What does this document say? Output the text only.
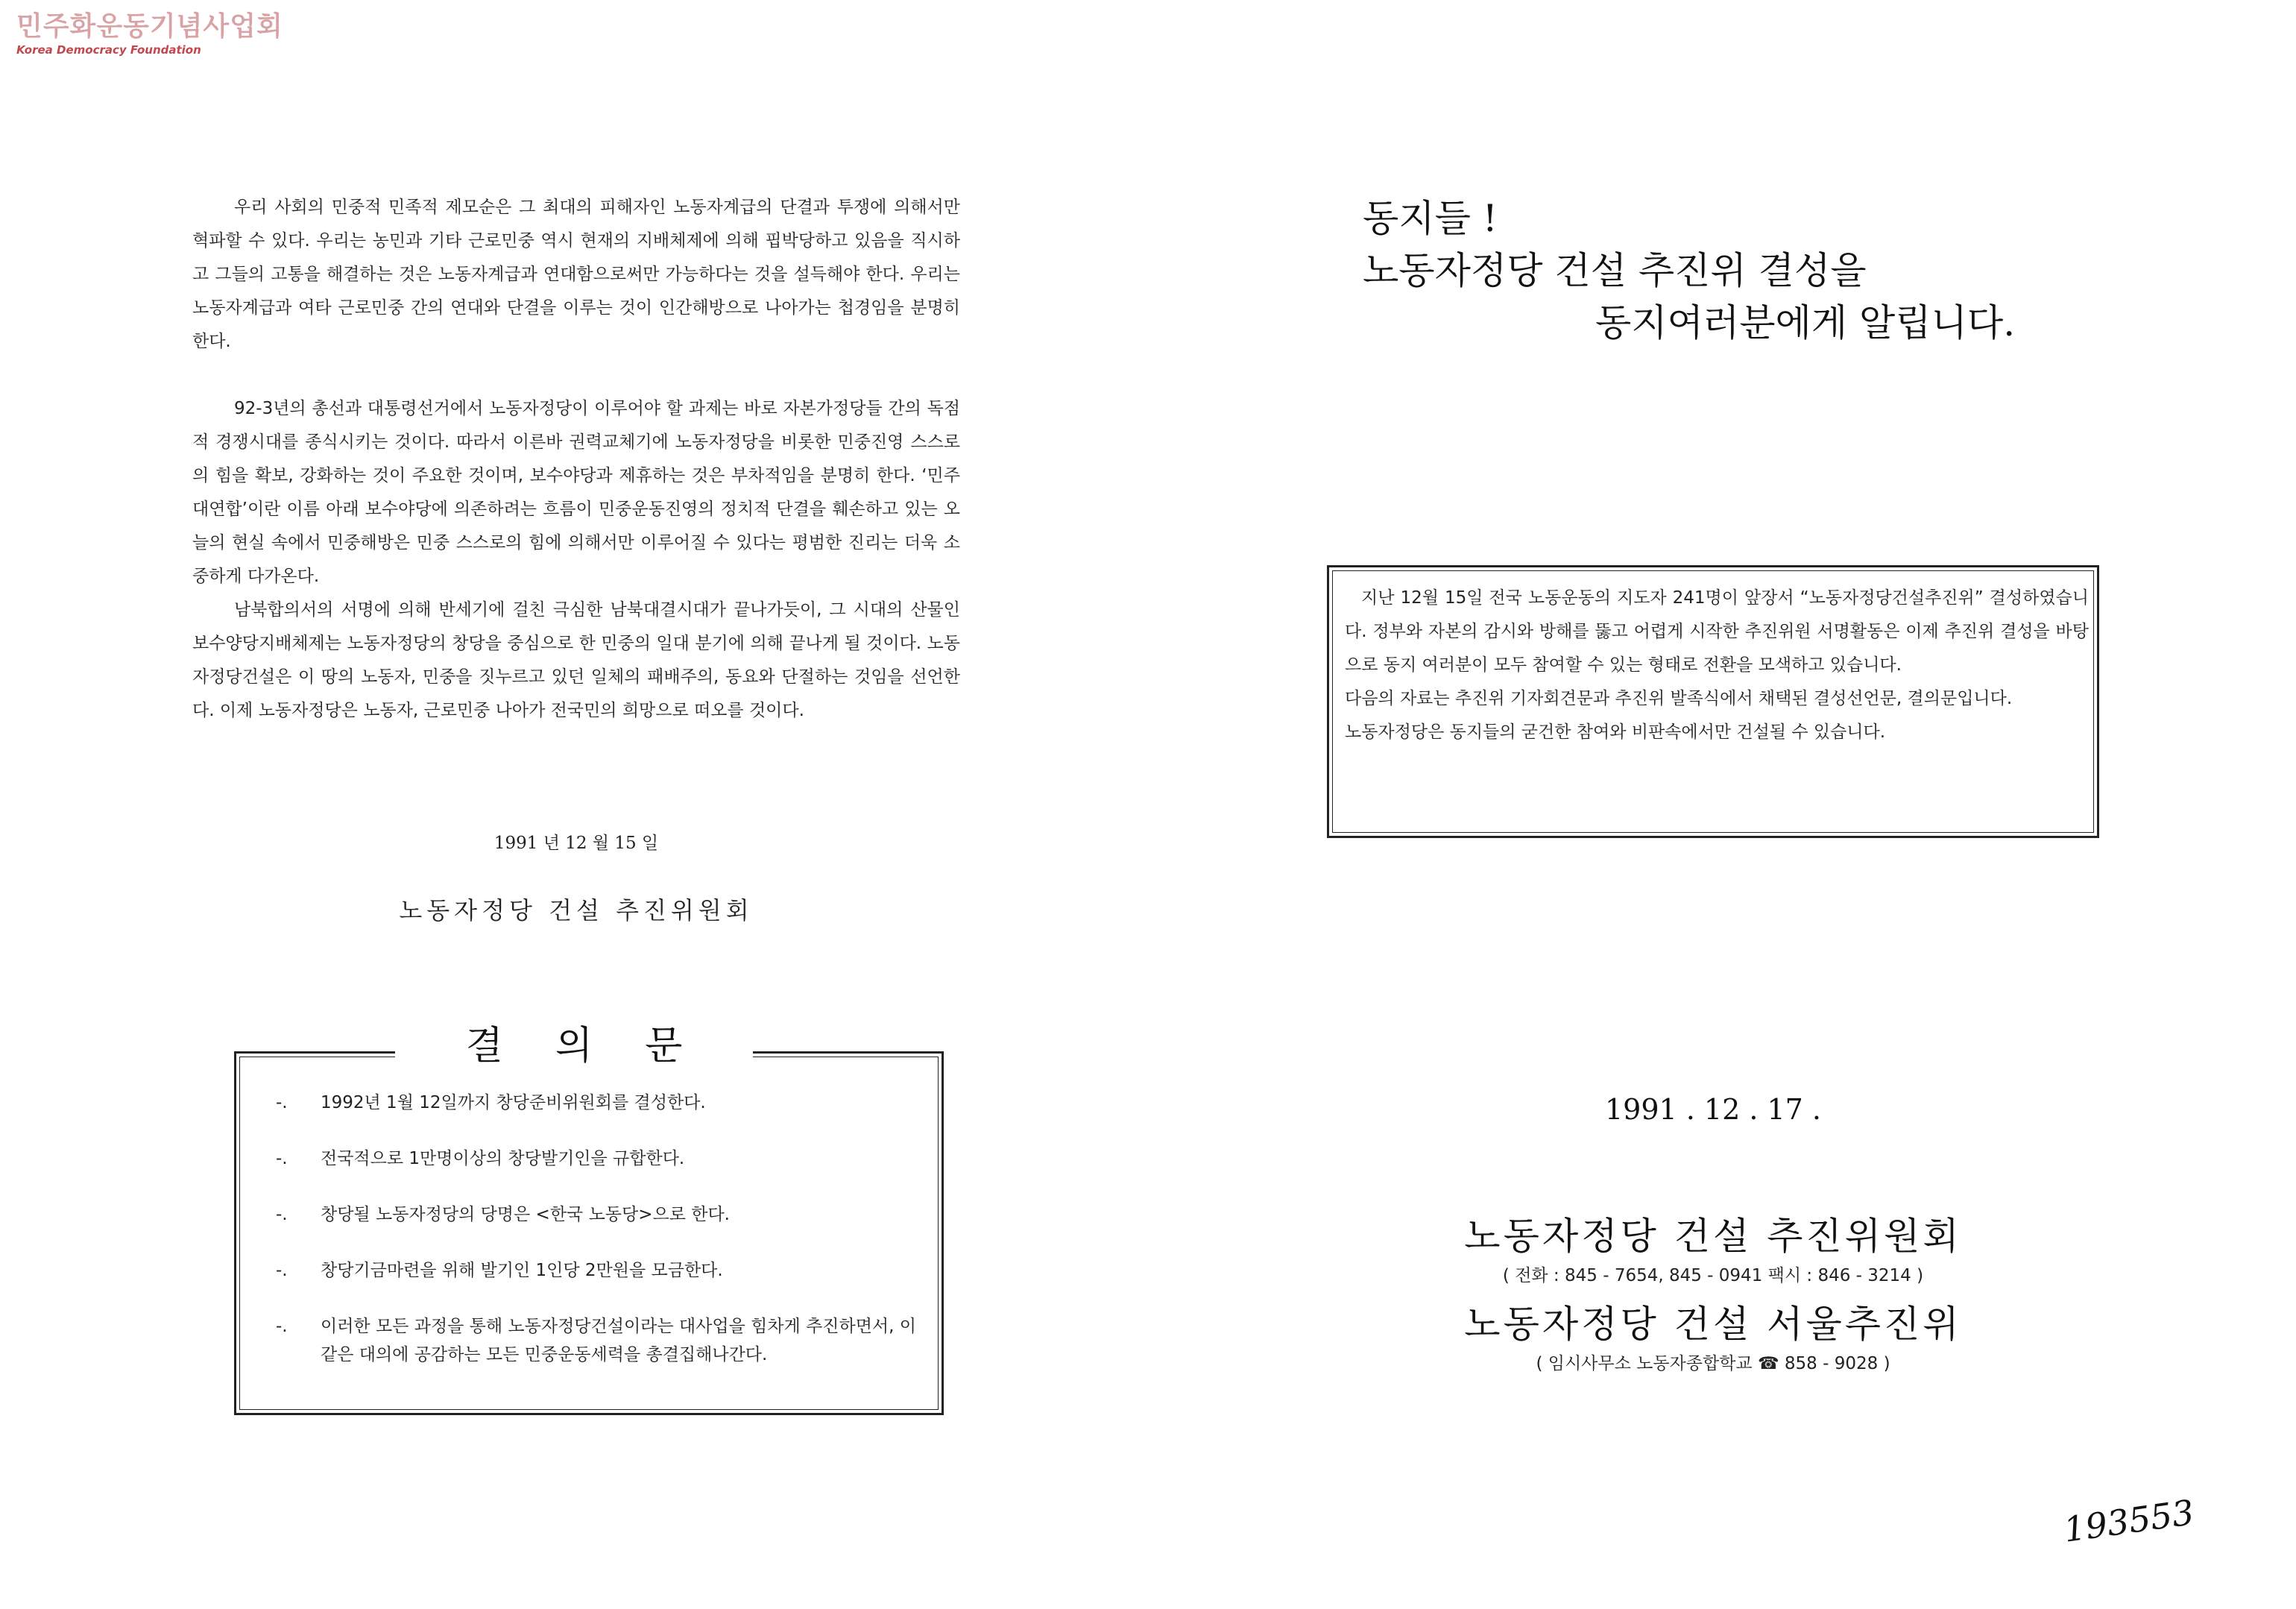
민주화운동기념사업회
Korea Democracy Foundation

우리 사회의 민중적 민족적 제모순은 그 최대의 피해자인 노동자계급의 단결과 투쟁에 의해서만 혁파할 수 있다. 우리는 농민과 기타 근로민중 역시 현재의 지배체제에 의해 핍박당하고 있음을 직시하고 그들의 고통을 해결하는 것은 노동자계급과 연대함으로써만 가능하다는 것을 설득해야 한다. 우리는 노동자계급과 여타 근로민중 간의 연대와 단결을 이루는 것이 인간해방으로 나아가는 첩경임을 분명히 한다.

92-3년의 총선과 대통령선거에서 노동자정당이 이루어야 할 과제는 바로 자본가정당들 간의 독점적 경쟁시대를 종식시키는 것이다. 따라서 이른바 권력교체기에 노동자정당을 비롯한 민중진영 스스로의 힘을 확보, 강화하는 것이 주요한 것이며, 보수야당과 제휴하는 것은 부차적임을 분명히 한다. ‘민주대연합’이란 이름 아래 보수야당에 의존하려는 흐름이 민중운동진영의 정치적 단결을 훼손하고 있는 오늘의 현실 속에서 민중해방은 민중 스스로의 힘에 의해서만 이루어질 수 있다는 평범한 진리는 더욱 소중하게 다가온다.

남북합의서의 서명에 의해 반세기에 걸친 극심한 남북대결시대가 끝나가듯이, 그 시대의 산물인 보수양당지배체제는 노동자정당의 창당을 중심으로 한 민중의 일대 분기에 의해 끝나게 될 것이다. 노동자정당건설은 이 땅의 노동자, 민중을 짓누르고 있던 일체의 패배주의, 동요와 단절하는 것임을 선언한다. 이제 노동자정당은 노동자, 근로민중 나아가 전국민의 희망으로 떠오를 것이다.

1991 년 12 월 15 일
노동자정당 건설 추진위원회
결의문
-. 1992년 1월 12일까지 창당준비위원회를 결성한다.
-. 전국적으로 1만명이상의 창당발기인을 규합한다.
-. 창당될 노동자정당의 당명은 <한국 노동당>으로 한다.
-. 창당기금마련을 위해 발기인 1인당 2만원을 모금한다.
-. 이러한 모든 과정을 통해 노동자정당건설이라는 대사업을 힘차게 추진하면서, 이같은 대의에 공감하는 모든 민중운동세력을 총결집해나간다.
동지들 !
노동자정당 건설 추진위 결성을
동지여러분에게 알립니다.

지난 12월 15일 전국 노동운동의 지도자 241명이 앞장서 “노동자정당건설추진위” 결성하였습니다. 정부와 자본의 감시와 방해를 뚫고 어렵게 시작한 추진위원 서명활동은 이제 추진위 결성을 바탕으로 동지 여러분이 모두 참여할 수 있는 형태로 전환을 모색하고 있습니다.

다음의 자료는 추진위 기자회견문과 추진위 발족식에서 채택된 결성선언문, 결의문입니다.

노동자정당은 동지들의 굳건한 참여와 비판속에서만 건설될 수 있습니다.

1991 . 12 . 17 .
노동자정당 건설 추진위원회
( 전화 : 845 - 7654, 845 - 0941 팩시 : 846 - 3214 )
노동자정당 건설 서울추진위
( 임시사무소 노동자종합학교 ☎ 858 - 9028 )
193553
